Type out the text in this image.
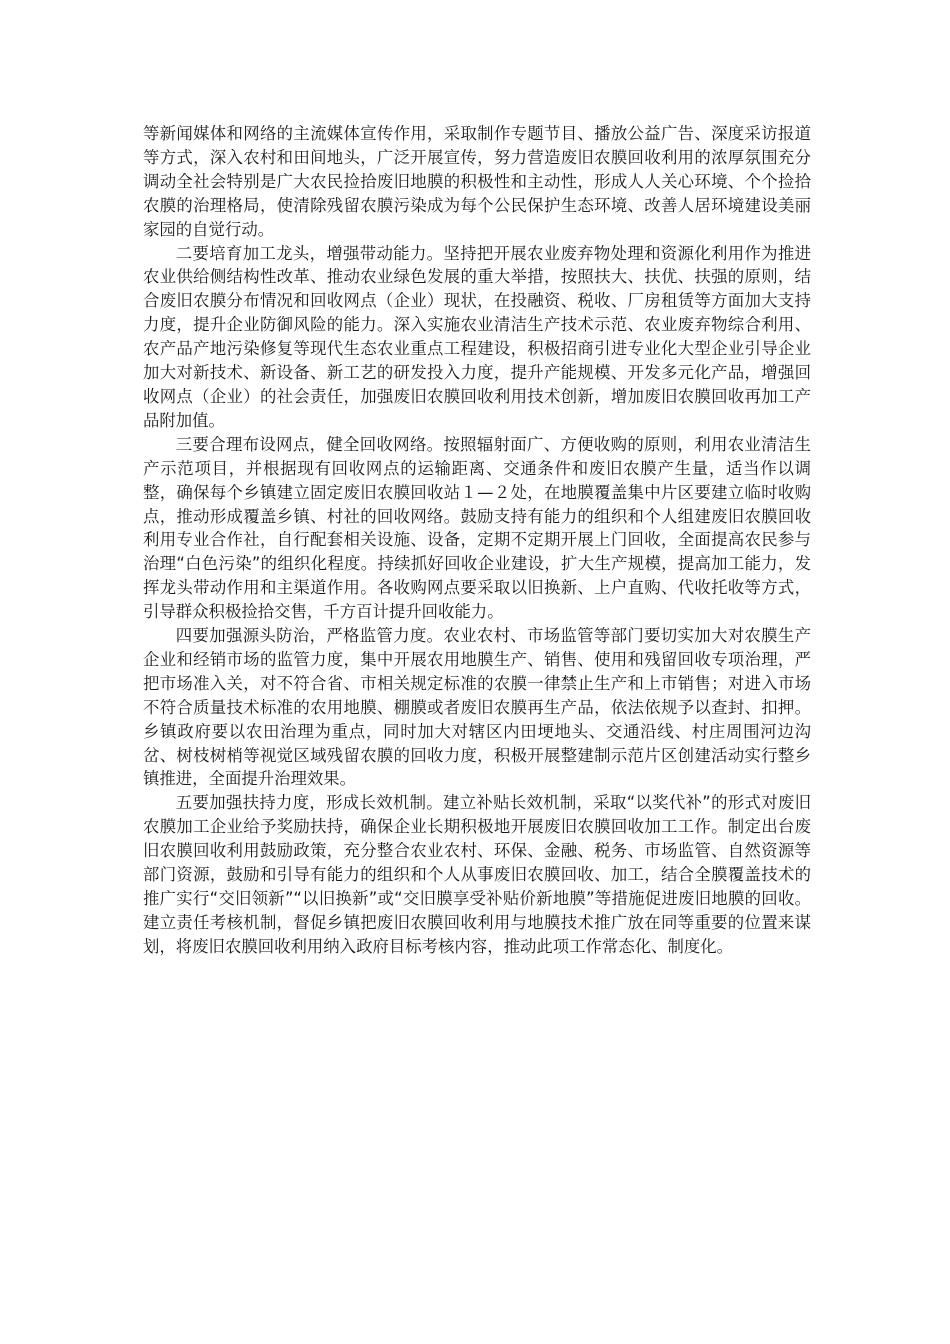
等新闻媒体和网络的主流媒体宣传作用，采取制作专题节目、播放公益广告、深度采访报道等方式，深入农村和田间地头，广泛开展宣传，努力营造废旧农膜回收利用的浓厚氛围充分调动全社会特别是广大农民捡拾废旧地膜的积极性和主动性，形成人人关心环境、个个捡拾农膜的治理格局，使清除残留农膜污染成为每个公民保护生态环境、改善人居环境建设美丽家园的自觉行动。

二要培育加工龙头，增强带动能力。坚持把开展农业废弃物处理和资源化利用作为推进农业供给侧结构性改革、推动农业绿色发展的重大举措，按照扶大、扶优、扶强的原则，结合废旧农膜分布情况和回收网点（企业）现状，在投融资、税收、厂房租赁等方面加大支持力度，提升企业防御风险的能力。深入实施农业清洁生产技术示范、农业废弃物综合利用、农产品产地污染修复等现代生态农业重点工程建设，积极招商引进专业化大型企业引导企业加大对新技术、新设备、新工艺的研发投入力度，提升产能规模、开发多元化产品，增强回收网点（企业）的社会责任，加强废旧农膜回收利用技术创新，增加废旧农膜回收再加工产品附加值。

三要合理布设网点，健全回收网络。按照辐射面广、方便收购的原则，利用农业清洁生产示范项目，并根据现有回收网点的运输距离、交通条件和废旧农膜产生量，适当作以调整，确保每个乡镇建立固定废旧农膜回收站１—２处，在地膜覆盖集中片区要建立临时收购点，推动形成覆盖乡镇、村社的回收网络。鼓励支持有能力的组织和个人组建废旧农膜回收利用专业合作社，自行配套相关设施、设备，定期不定期开展上门回收，全面提高农民参与治理“白色污染”的组织化程度。持续抓好回收企业建设，扩大生产规模，提高加工能力，发挥龙头带动作用和主渠道作用。各收购网点要采取以旧换新、上户直购、代收托收等方式，引导群众积极捡拾交售，千方百计提升回收能力。

四要加强源头防治，严格监管力度。农业农村、市场监管等部门要切实加大对农膜生产企业和经销市场的监管力度，集中开展农用地膜生产、销售、使用和残留回收专项治理，严把市场准入关，对不符合省、市相关规定标准的农膜一律禁止生产和上市销售；对进入市场不符合质量技术标准的农用地膜、棚膜或者废旧农膜再生产品，依法依规予以查封、扣押。乡镇政府要以农田治理为重点，同时加大对辖区内田埂地头、交通沿线、村庄周围河边沟岔、树枝树梢等视觉区域残留农膜的回收力度，积极开展整建制示范片区创建活动实行整乡镇推进，全面提升治理效果。

五要加强扶持力度，形成长效机制。建立补贴长效机制，采取“以奖代补”的形式对废旧农膜加工企业给予奖励扶持，确保企业长期积极地开展废旧农膜回收加工工作。制定出台废旧农膜回收利用鼓励政策，充分整合农业农村、环保、金融、税务、市场监管、自然资源等部门资源，鼓励和引导有能力的组织和个人从事废旧农膜回收、加工，结合全膜覆盖技术的推广实行“交旧领新”“以旧换新”或“交旧膜享受补贴价新地膜”等措施促进废旧地膜的回收。建立责任考核机制，督促乡镇把废旧农膜回收利用与地膜技术推广放在同等重要的位置来谋划，将废旧农膜回收利用纳入政府目标考核内容，推动此项工作常态化、制度化。
